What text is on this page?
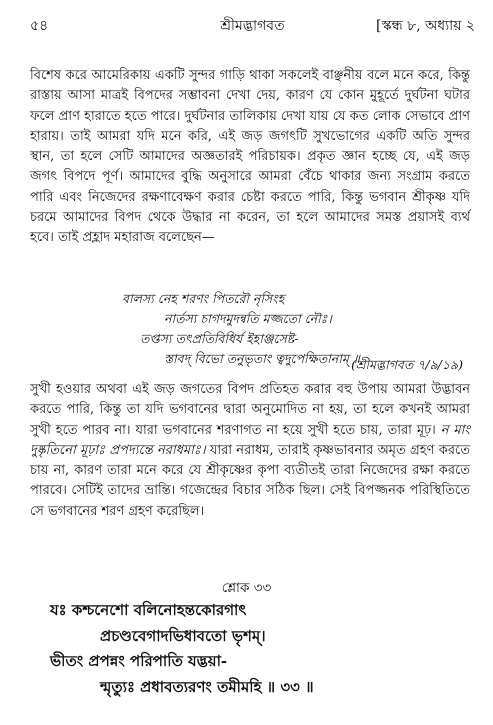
৫৪	শ্রীমদ্ভাগবত	[স্কন্ধ ৮, অধ্যায় ২
বিশেষ করে আমেরিকায় একটি সুন্দর গাড়ি থাকা সকলেই বাঞ্ছনীয় বলে মনে করে, কিন্তু রাস্তায় আসা মাত্রই বিপদের সম্ভাবনা দেখা দেয়, কারণ যে কোন মুহূর্তে দুর্ঘটনা ঘটার ফলে প্রাণ হারাতে হতে পারে। দুর্ঘটনার তালিকায় দেখা যায় যে কত লোক সেভাবে প্রাণ হারায়। তাই আমরা যদি মনে করি, এই জড় জগৎটি সুখভোগের একটি অতি সুন্দর স্থান, তা হলে সেটি আমাদের অজ্ঞতারই পরিচায়ক। প্রকৃত জ্ঞান হচ্ছে যে, এই জড় জগৎ বিপদে পূর্ণ। আমাদের বুদ্ধি অনুসারে আমরা বেঁচে থাকার জন্য সংগ্রাম করতে পারি এবং নিজেদের রক্ষণাবেক্ষণ করার চেষ্টা করতে পারি, কিন্তু ভগবান শ্রীকৃষ্ণ যদি চরমে আমাদের বিপদ থেকে উদ্ধার না করেন, তা হলে আমাদের সমস্ত প্রয়াসই ব্যর্থ হবে। তাই প্রহ্লাদ মহারাজ বলেছেন—
বালস্য নেহ শরণং পিতরৌ নৃসিংহ
নার্তস্য চাগদমুদন্বতি মজ্জতো নৌঃ।
তপ্তস্য তৎপ্রতিবিধির্য ইহাঞ্জসেষ্ট-
স্তাবদ্ বিভো তনুভৃতাং ত্বদুপেক্ষিতানাম্ ॥
(শ্রীমদ্ভাগবত ৭/৯/১৯)
সুখী হওয়ার অথবা এই জড় জগতের বিপদ প্রতিহত করার বহু উপায় আমরা উদ্ভাবন করতে পারি, কিন্তু তা যদি ভগবানের দ্বারা অনুমোদিত না হয়, তা হলে কখনই আমরা সুখী হতে পারব না। যারা ভগবানের শরণাগত না হয়ে সুখী হতে চায়, তারা মূঢ়। ন মাং দুষ্কৃতিনো মূঢ়াঃ প্রপদ্যন্তে নরাধমাঃ। যারা নরাধম, তারাই কৃষ্ণভাবনার অমৃত গ্রহণ করতে চায় না, কারণ তারা মনে করে যে শ্রীকৃষ্ণের কৃপা ব্যতীতই তারা নিজেদের রক্ষা করতে পারবে। সেটিই তাদের ভ্রান্তি। গজেন্দ্রের বিচার সঠিক ছিল। সেই বিপজ্জনক পরিস্থিতিতে সে ভগবানের শরণ গ্রহণ করেছিল।
শ্লোক ৩৩
যঃ কশ্চনেশো বলিনোহন্তকোরগাৎ
প্রচণ্ডবেগাদভিধাবতো ভৃশম্।
ভীতং প্রপন্নং পরিপাতি যদ্ভয়া-
ন্মৃত্যুঃ প্রধাবত্যরণং তমীমহি ॥ ৩৩ ॥
